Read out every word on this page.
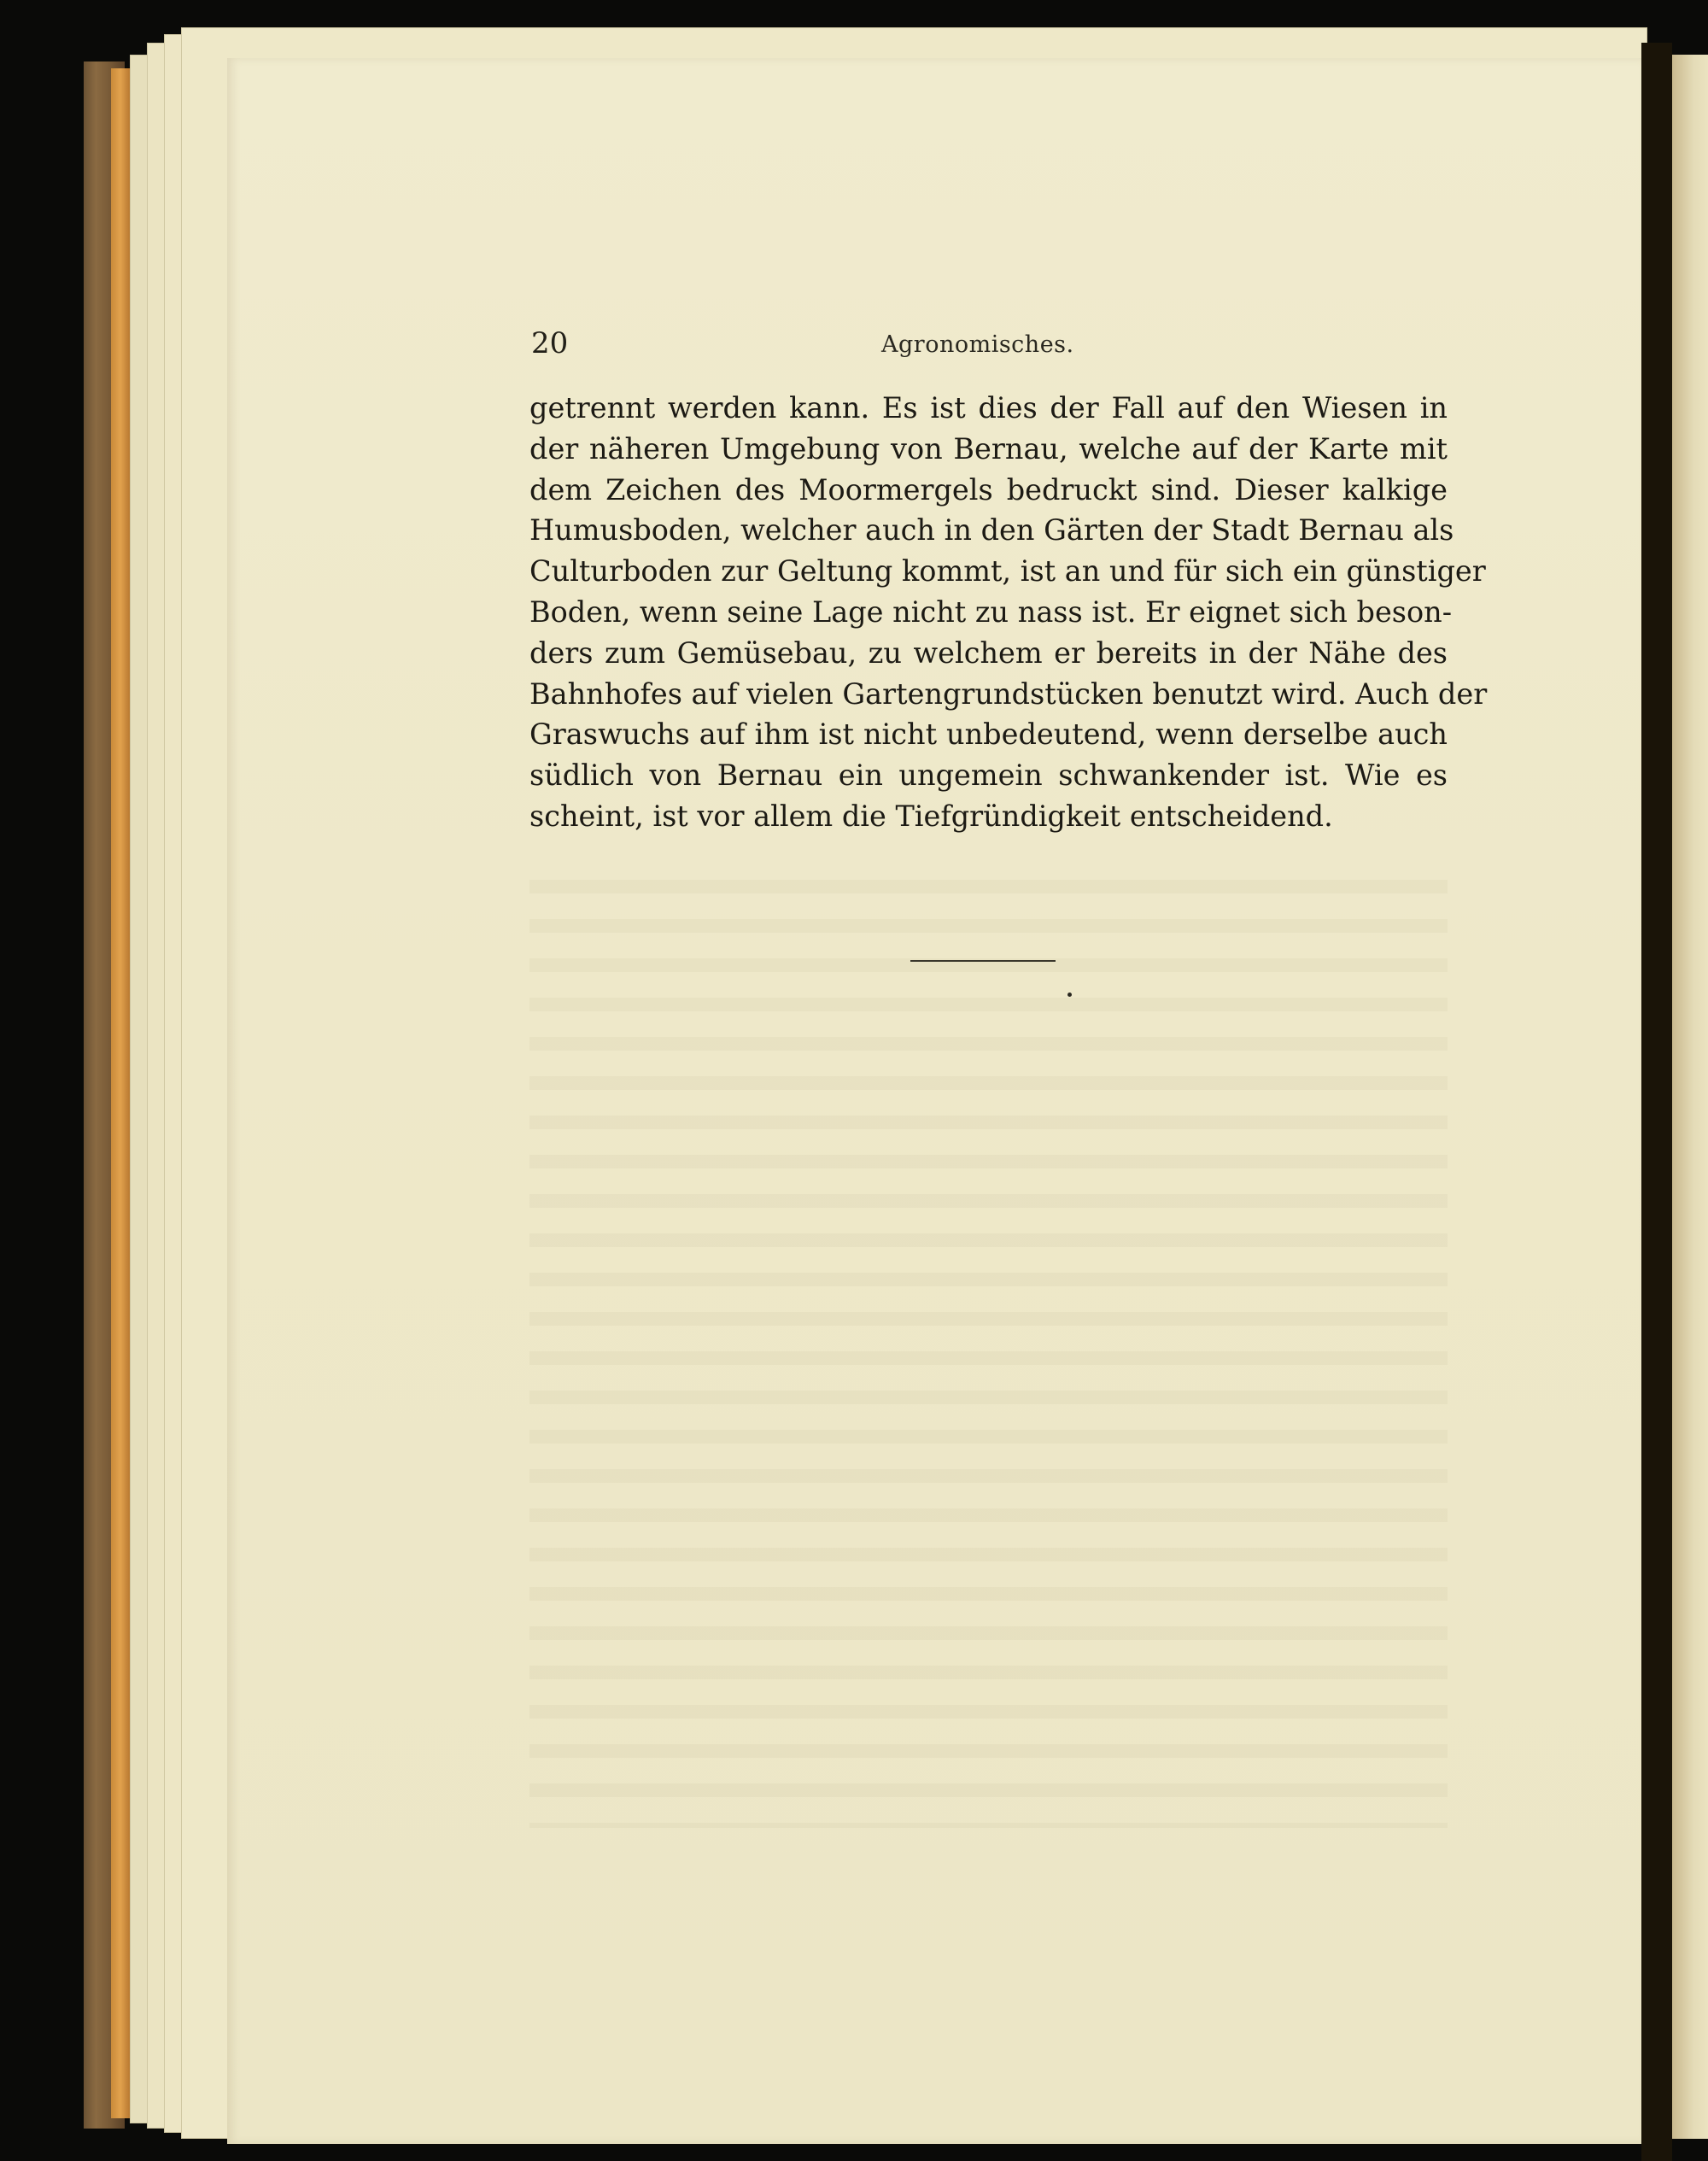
20	Agronomisches.
getrennt werden kann. Es ist dies der Fall auf den Wiesen in
der näheren Umgebung von Bernau, welche auf der Karte mit
dem Zeichen des Moormergels bedruckt sind. Dieser kalkige
Humusboden, welcher auch in den Gärten der Stadt Bernau als
Culturboden zur Geltung kommt, ist an und für sich ein günstiger
Boden, wenn seine Lage nicht zu nass ist. Er eignet sich beson-
ders zum Gemüsebau, zu welchem er bereits in der Nähe des
Bahnhofes auf vielen Gartengrundstücken benutzt wird. Auch der
Graswuchs auf ihm ist nicht unbedeutend, wenn derselbe auch
südlich von Bernau ein ungemein schwankender ist. Wie es
scheint, ist vor allem die Tiefgründigkeit entscheidend.
